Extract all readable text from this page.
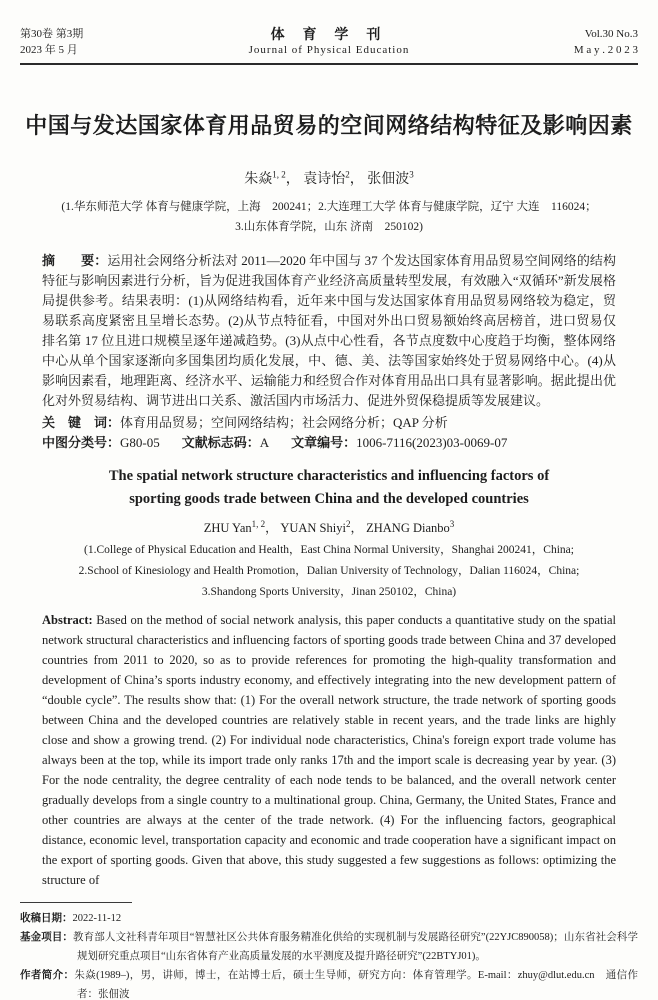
第30卷 第3期
2023 年 5 月
体 育 学 刊
Journal of Physical Education
Vol.30 No.3
M a y . 2 0 2 3
中国与发达国家体育用品贸易的空间网络结构特征及影响因素
朱焱$^{1, 2}$， 袁诗怡$^2$， 张佃波$^3$
(1.华东师范大学 体育与健康学院，上海　200241；2.大连理工大学 体育与健康学院，辽宁 大连　116024；
3.山东体育学院，山东 济南　250102)

摘　　要：运用社会网络分析法对 2011—2020 年中国与 37 个发达国家体育用品贸易空间网络的结构特征与影响因素进行分析，旨为促进我国体育产业经济高质量转型发展，有效融入“双循环”新发展格局提供参考。结果表明：(1)从网络结构看，近年来中国与发达国家体育用品贸易网络较为稳定，贸易联系高度紧密且呈增长态势。(2)从节点特征看，中国对外出口贸易额始终高居榜首，进口贸易仅排名第 17 位且进口规模呈逐年递减趋势。(3)从点中心性看，各节点度数中心度趋于均衡，整体网络中心从单个国家逐渐向多国集团均质化发展，中、德、美、法等国家始终处于贸易网络中心。(4)从影响因素看，地理距离、经济水平、运输能力和经贸合作对体育用品出口具有显著影响。据此提出优化对外贸易结构、调节进出口关系、激活国内市场活力、促进外贸保稳提质等发展建议。

关　键　词：体育用品贸易；空间网络结构；社会网络分析；QAP 分析

中图分类号：G80-05 文献标志码：A 文章编号：1006-7116(2023)03-0069-07

The spatial network structure characteristics and influencing factors of
sporting goods trade between China and the developed countries
ZHU Yan$^{1, 2}$， YUAN Shiyi$^2$， ZHANG Dianbo$^3$
(1.College of Physical Education and Health，East China Normal University，Shanghai 200241，China;
2.School of Kinesiology and Health Promotion，Dalian University of Technology，Dalian 116024，China;
3.Shandong Sports University，Jinan 250102，China)

Abstract: Based on the method of social network analysis, this paper conducts a quantitative study on the spatial network structural characteristics and influencing factors of sporting goods trade between China and 37 developed countries from 2011 to 2020, so as to provide references for promoting the high-quality transformation and development of China’s sports industry economy, and effectively integrating into the new development pattern of “double cycle”. The results show that: (1) For the overall network structure, the trade network of sporting goods between China and the developed countries are relatively stable in recent years, and the trade links are highly close and show a growing trend. (2) For individual node characteristics, China's foreign export trade volume has always been at the top, while its import trade only ranks 17th and the import scale is decreasing year by year. (3) For the node centrality, the degree centrality of each node tends to be balanced, and the overall network center gradually develops from a single country to a multinational group. China, Germany, the United States, France and other countries are always at the center of the trade network. (4) For the influencing factors, geographical distance, economic level, transportation capacity and economic and trade cooperation have a significant impact on the export of sporting goods. Given that above, this study suggested a few suggestions as follows: optimizing the structure of

收稿日期：2022-11-12

基金项目：教育部人文社科青年项目“智慧社区公共体育服务精准化供给的实现机制与发展路径研究”(22YJC890058)；山东省社会科学规划研究重点项目“山东省体育产业高质量发展的水平测度及提升路径研究”(22BTYJ01)。

作者简介：朱焱(1989–)，男，讲师，博士，在站博士后，硕士生导师，研究方向：体育管理学。E-mail：zhuy@dlut.edu.cn　通信作者：张佃波
